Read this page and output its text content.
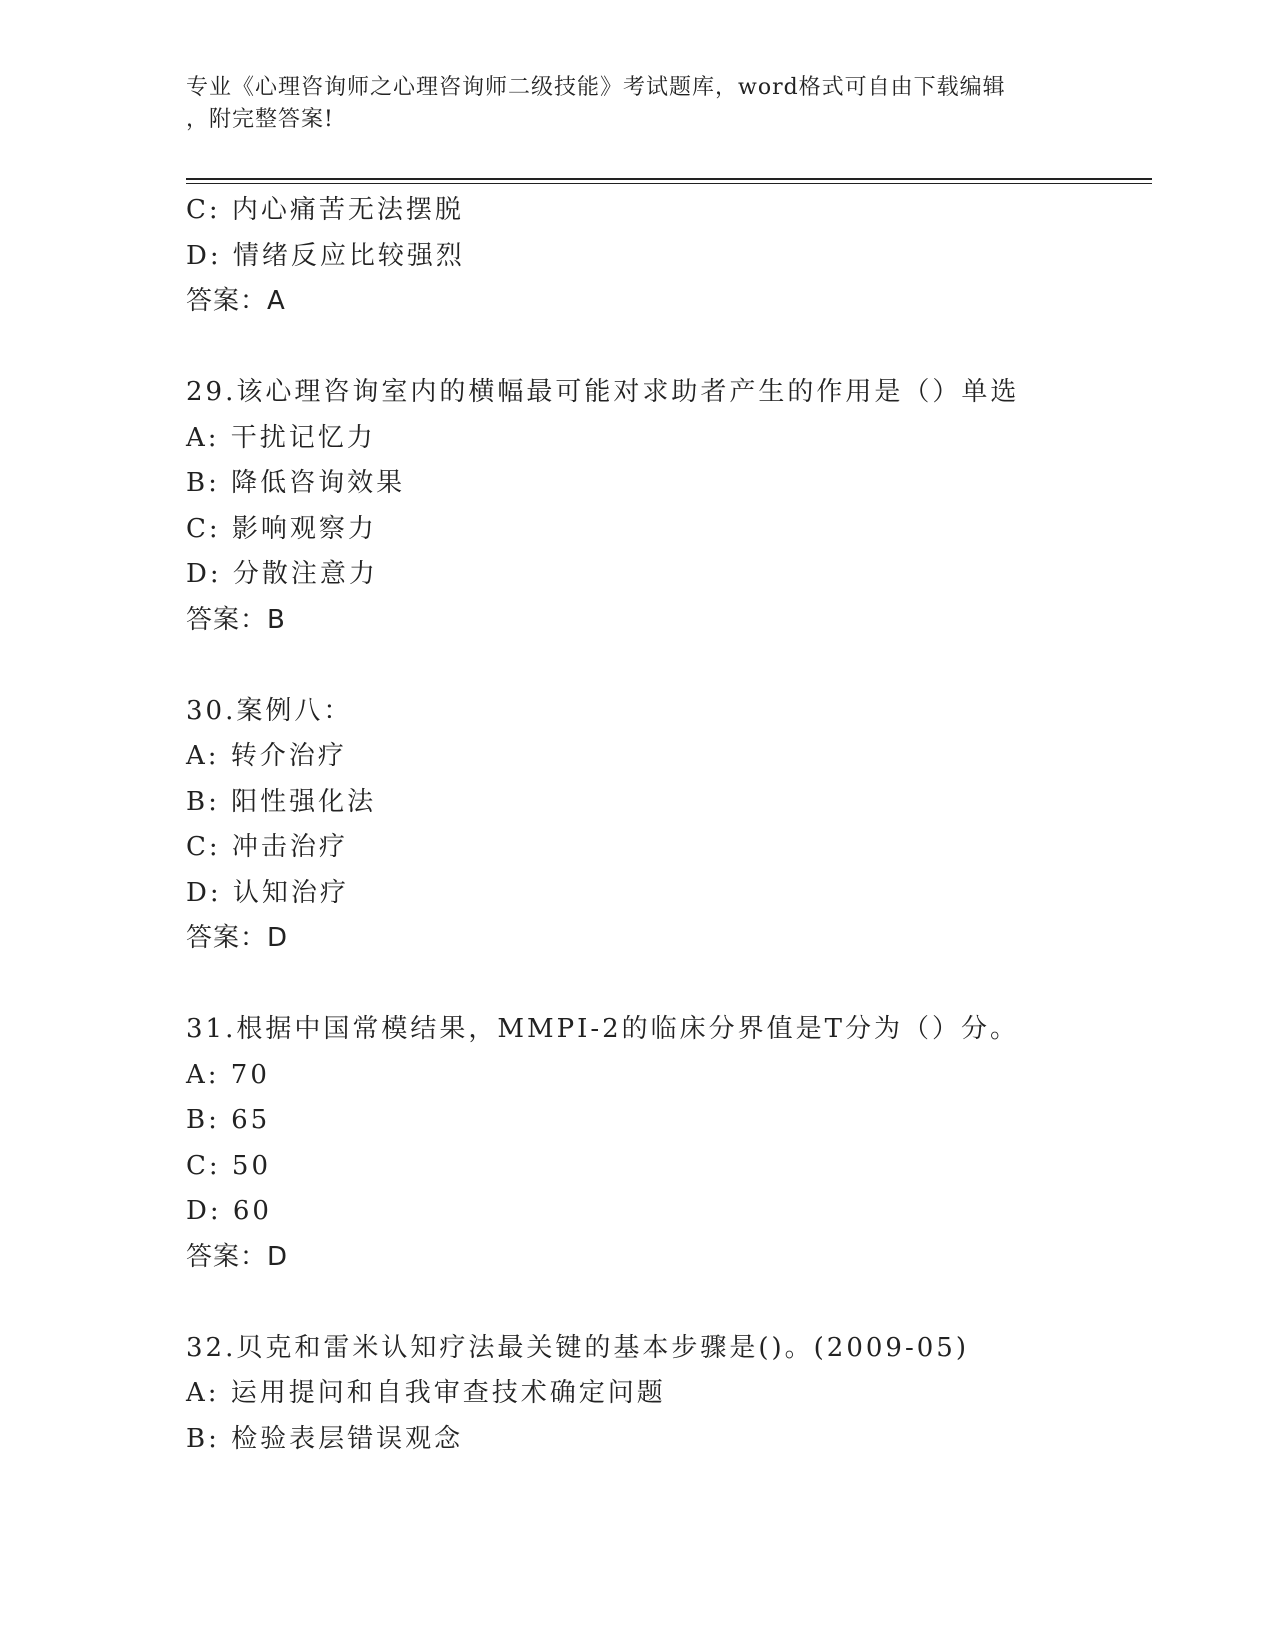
专业《心理咨询师之心理咨询师二级技能》考试题库，word格式可自由下载编辑
，附完整答案!
C: 内心痛苦无法摆脱
D: 情绪反应比较强烈
答案：A
29.该心理咨询室内的横幅最可能对求助者产生的作用是（）单选
A: 干扰记忆力
B: 降低咨询效果
C: 影响观察力
D: 分散注意力
答案：B
30.案例八：
A: 转介治疗
B: 阳性强化法
C: 冲击治疗
D: 认知治疗
答案：D
31.根据中国常模结果，MMPI-2的临床分界值是T分为（）分。
A: 70
B: 65
C: 50
D: 60
答案：D
32.贝克和雷米认知疗法最关键的基本步骤是()。(2009-05)
A: 运用提问和自我审查技术确定问题
B: 检验表层错误观念
